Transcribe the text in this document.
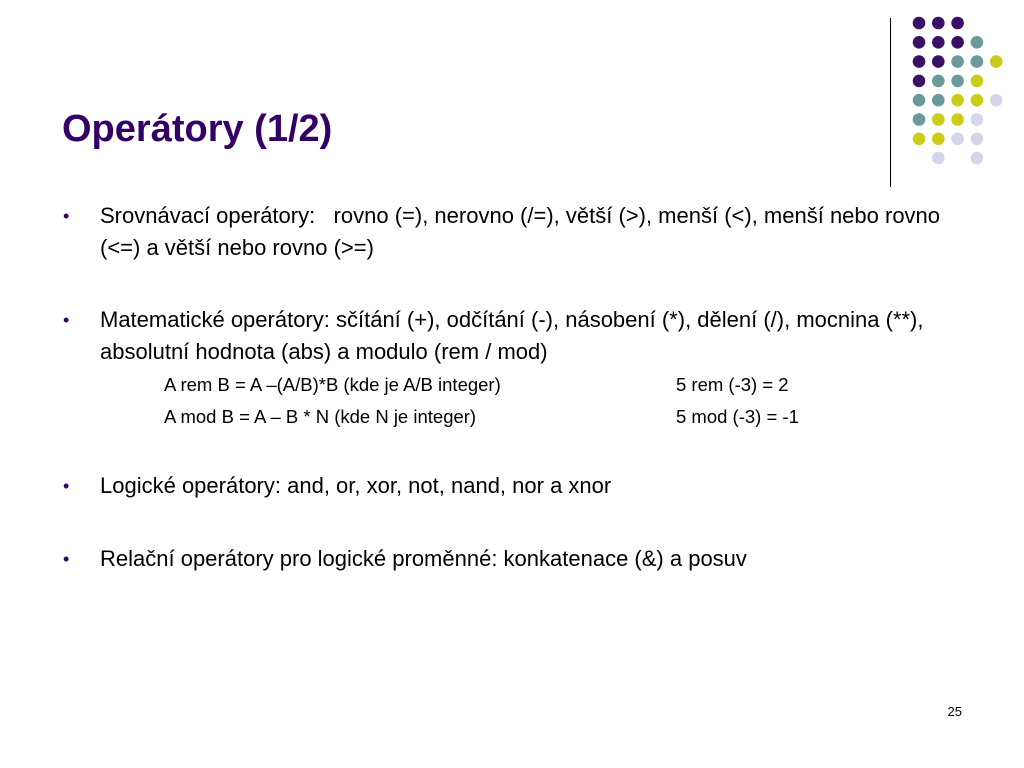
Operátory (1/2)
•	Srovnávací operátory:   rovno (=), nerovno (/=), větší (>), menší (<), menší nebo rovno (<=) a větší nebo rovno (>=)
•	Matematické operátory: sčítání (+), odčítání (-), násobení (*), dělení (/), mocnina (**), absolutní hodnota (abs) a modulo (rem / mod)
A rem B = A –(A/B)*B (kde je A/B integer)	5 rem (-3) = 2
A mod B = A – B * N (kde N je integer)	5 mod (-3) = -1
•	Logické operátory: and, or, xor, not, nand, nor a xnor
•	Relační operátory pro logické proměnné: konkatenace (&) a posuv
25
